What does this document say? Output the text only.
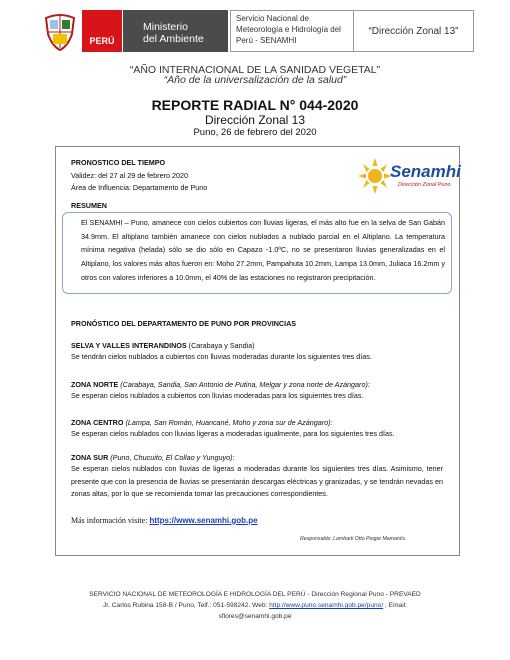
PERÚ
Ministerio
del Ambiente
Servicio Nacional de
Meteorología e Hidrología del
Perú - SENAMHI
“Dirección Zonal 13”
“AÑO INTERNACIONAL DE LA SANIDAD VEGETAL”
“Año de la universalización de la salud”
REPORTE RADIAL N° 044-2020
Dirección Zonal 13
Puno, 26 de febrero del 2020
PRONOSTICO DEL TIEMPO
Validez: del 27 al 29 de febrero 2020
Área de Influencia: Departamento de Puno
Senamhi
Dirección Zonal Puno
RESUMEN
El SENAMHI – Puno, amanece con cielos cubiertos con lluvias ligeras, el más alto fue en la selva de San Gabán 34.9mm. El altiplano también amanece con cielos nublados a nublado parcial en el Altiplano. La temperatura mínima negativa (helada) sólo se dio sólo en Capazo -1.0ºC, no se presentaron lluvias generalizadas en el Altiplano, los valores más altos fueron en: Moho 27.2mm, Pampahuta 10.2mm, Lampa 13.0mm, Juliaca 16.2mm y otros con valores inferiores a 10.0mm, el 40% de las estaciones no registraron precipitación.
PRONÓSTICO DEL DEPARTAMENTO DE PUNO POR PROVINCIAS
SELVA Y VALLES INTERANDINOS (Carabaya y Sandia)
Se tendrán cielos nublados a cubiertos con lluvias moderadas durante los siguientes tres días.
ZONA NORTE (Carabaya, Sandia, San Antonio de Putina, Melgar y zona norte de Azángaro):
Se esperan cielos nublados a cubiertos con lluvias moderadas para los siguientes tres días.
ZONA CENTRO (Lampa, San Román, Huancané, Moho y zona sur de Azángaro):
Se esperan cielos nublados con lluvias ligeras a moderadas igualmente, para los siguientes tres días.
ZONA SUR (Puno, Chucuito, El Collao y Yunguyo):
Se esperan cielos nublados con lluvias de ligeras a moderadas durante los siguientes tres días. Asimismo, tener presente que con la presencia de lluvias se presentarán descargas eléctricas y granizadas, y se tendrán nevadas en zonas altas, por lo que se recomienda tomar las precauciones correspondientes.
Más información visite: https://www.senamhi.gob.pe
Responsable: Lambarti Otto Poqpe Mamani/s.
SERVICIO NACIONAL DE METEOROLOGÍA E HIDROLOGÍA DEL PERÚ - Dirección Regional Puno - PREVAED
Jr. Carlos Rubina 158-B / Puno, Telf.: 051-598242. Web: http://www.puno.senamhi.gob.pe/puno/ , Email:
sflores@senamhi.gob.pe
